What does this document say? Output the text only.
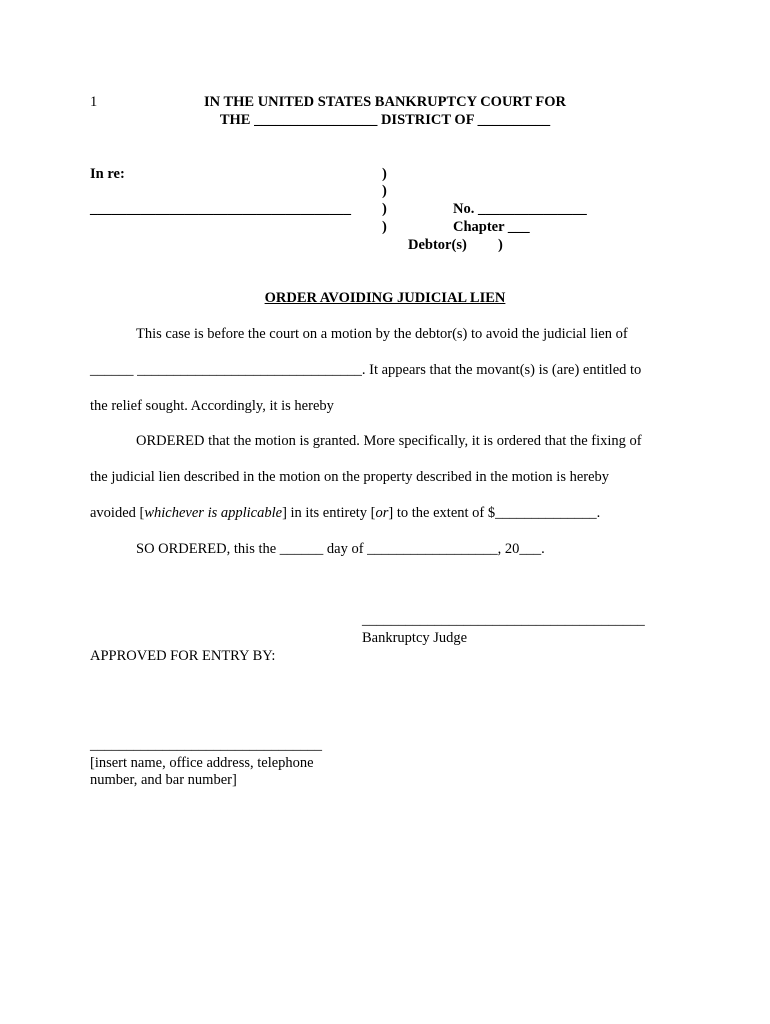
1	IN THE UNITED STATES BANKRUPTCY COURT FOR
THE _________________ DISTRICT OF __________
In re:
____________________________________
)
)
)
)
No. _______________
Chapter ___
Debtor(s) )
ORDER AVOIDING JUDICIAL LIEN
This case is before the court on a motion by the debtor(s) to avoid the judicial lien of
______ _______________________________. It appears that the movant(s) is (are) entitled to
the relief sought. Accordingly, it is hereby
ORDERED that the motion is granted. More specifically, it is ordered that the fixing of
the judicial lien described in the motion on the property described in the motion is hereby
avoided [whichever is applicable] in its entirety [or] to the extent of $______________.
SO ORDERED, this the ______ day of __________________, 20___.
_______________________________________
Bankruptcy Judge
APPROVED FOR ENTRY BY:
________________________________
[insert name, office address, telephone
number, and bar number]
